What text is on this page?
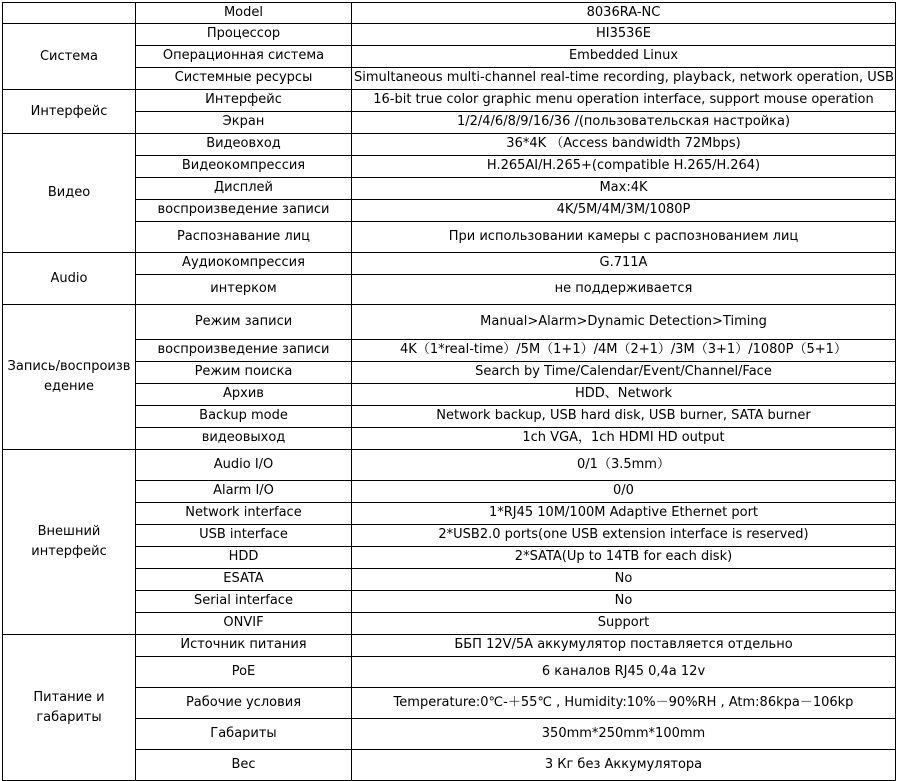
	Model	8036RA-NC
Система	Процессор	HI3536E
	Операционная система	Embedded Linux
	Системные ресурсы	Simultaneous multi-channel real-time recording, playback, network operation, USB
Интерфейс	Интерфейс	16-bit true color graphic menu operation interface, support mouse operation
	Экран	1/2/4/6/8/9/16/36 /(пользовательская настройка)
Видео	Видеовход	36*4K （Access bandwidth 72Mbps)
	Видеокомпрессия	H.265AI/H.265+(compatible H.265/H.264)
	Дисплей	Max:4K
	воспроизведение записи	4K/5M/4M/3M/1080P
	Распознавание лиц	При использовании камеры с распознованием лиц
Audio	Аудиокомпрессия	G.711A
	интерком	не поддерживается
Запись/воспроизв едение	Режим записи	Manual>Alarm>Dynamic Detection>Timing
	воспроизведение записи	4K（1*real-time）/5M（1+1）/4M（2+1）/3M（3+1）/1080P（5+1）
	Режим поиска	Search by Time/Calendar/Event/Channel/Face
	Архив	HDD、Network
	Backup mode	Network backup, USB hard disk, USB burner, SATA burner
	видеовыход	1ch VGA，1ch HDMI HD output
Внешний интерфейс	Audio I/O	0/1（3.5mm）
	Alarm I/O	0/0
	Network interface	1*RJ45 10M/100M Adaptive Ethernet port
	USB interface	2*USB2.0 ports(one USB extension interface is reserved)
	HDD	2*SATA(Up to 14TB for each disk)
	ESATA	No
	Serial interface	No
	ONVIF	Support
Питание и габариты	Источник питания	ББП 12V/5A аккумулятор поставляется отдельно
	PoE	6 каналов RJ45 0,4a 12v
	Рабочие условия	Temperature:0℃-＋55℃ , Humidity:10%－90%RH , Atm:86kpa－106kp
	Габариты	350mm*250mm*100mm
	Вес	3 Кг без Аккумулятора
